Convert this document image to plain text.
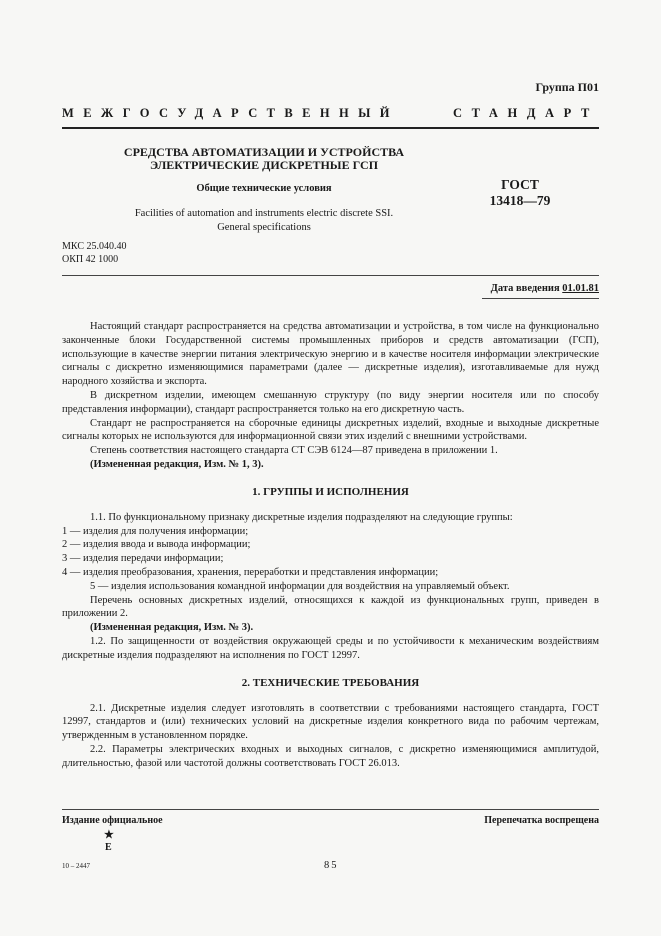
Группа П01
МЕЖГОСУДАРСТВЕННЫЙ	СТАНДАРТ
СРЕДСТВА АВТОМАТИЗАЦИИ И УСТРОЙСТВА
ЭЛЕКТРИЧЕСКИЕ ДИСКРЕТНЫЕ ГСП
Общие технические условия
Facilities of automation and instruments electric discrete SSI.
General specifications
ГОСТ
13418—79
МКС 25.040.40
ОКП 42 1000
Дата введения 01.01.81

Настоящий стандарт распространяется на средства автоматизации и устройства, в том числе на функционально законченные блоки Государственной системы промышленных приборов и средств автоматизации (ГСП), использующие в качестве энергии питания электрическую энергию и в качестве носителя информации электрические сигналы с дискретно изменяющимися параметрами (далее — дискретные изделия), изготавливаемые для нужд народного хозяйства и экспорта.

В дискретном изделии, имеющем смешанную структуру (по виду энергии носителя или по способу представления информации), стандарт распространяется только на его дискретную часть.

Стандарт не распространяется на сборочные единицы дискретных изделий, входные и выходные дискретные сигналы которых не используются для информационной связи этих изделий с внешними устройствами.

Степень соответствия настоящего стандарта СТ СЭВ 6124—87 приведена в приложении 1.

(Измененная редакция, Изм. № 1, 3).

1. ГРУППЫ И ИСПОЛНЕНИЯ

1.1. По функциональному признаку дискретные изделия подразделяют на следующие группы:

1 — изделия для получения информации;

2 — изделия ввода и вывода информации;

3 — изделия передачи информации;

4 — изделия преобразования, хранения, переработки и представления информации;

5 — изделия использования командной информации для воздействия на управляемый объект.

Перечень основных дискретных изделий, относящихся к каждой из функциональных групп, приведен в приложении 2.

(Измененная редакция, Изм. № 3).

1.2. По защищенности от воздействия окружающей среды и по устойчивости к механическим воздействиям дискретные изделия подразделяют на исполнения по ГОСТ 12997.

2. ТЕХНИЧЕСКИЕ ТРЕБОВАНИЯ

2.1. Дискретные изделия следует изготовлять в соответствии с требованиями настоящего стандарта, ГОСТ 12997, стандартов и (или) технических условий на дискретные изделия конкретного вида по рабочим чертежам, утвержденным в установленном порядке.

2.2. Параметры электрических входных и выходных сигналов, с дискретно изменяющимися амплитудой, длительностью, фазой или частотой должны соответствовать ГОСТ 26.013.

Издание официальное	Перепечатка воспрещена
★
E
10 – 2447	85
